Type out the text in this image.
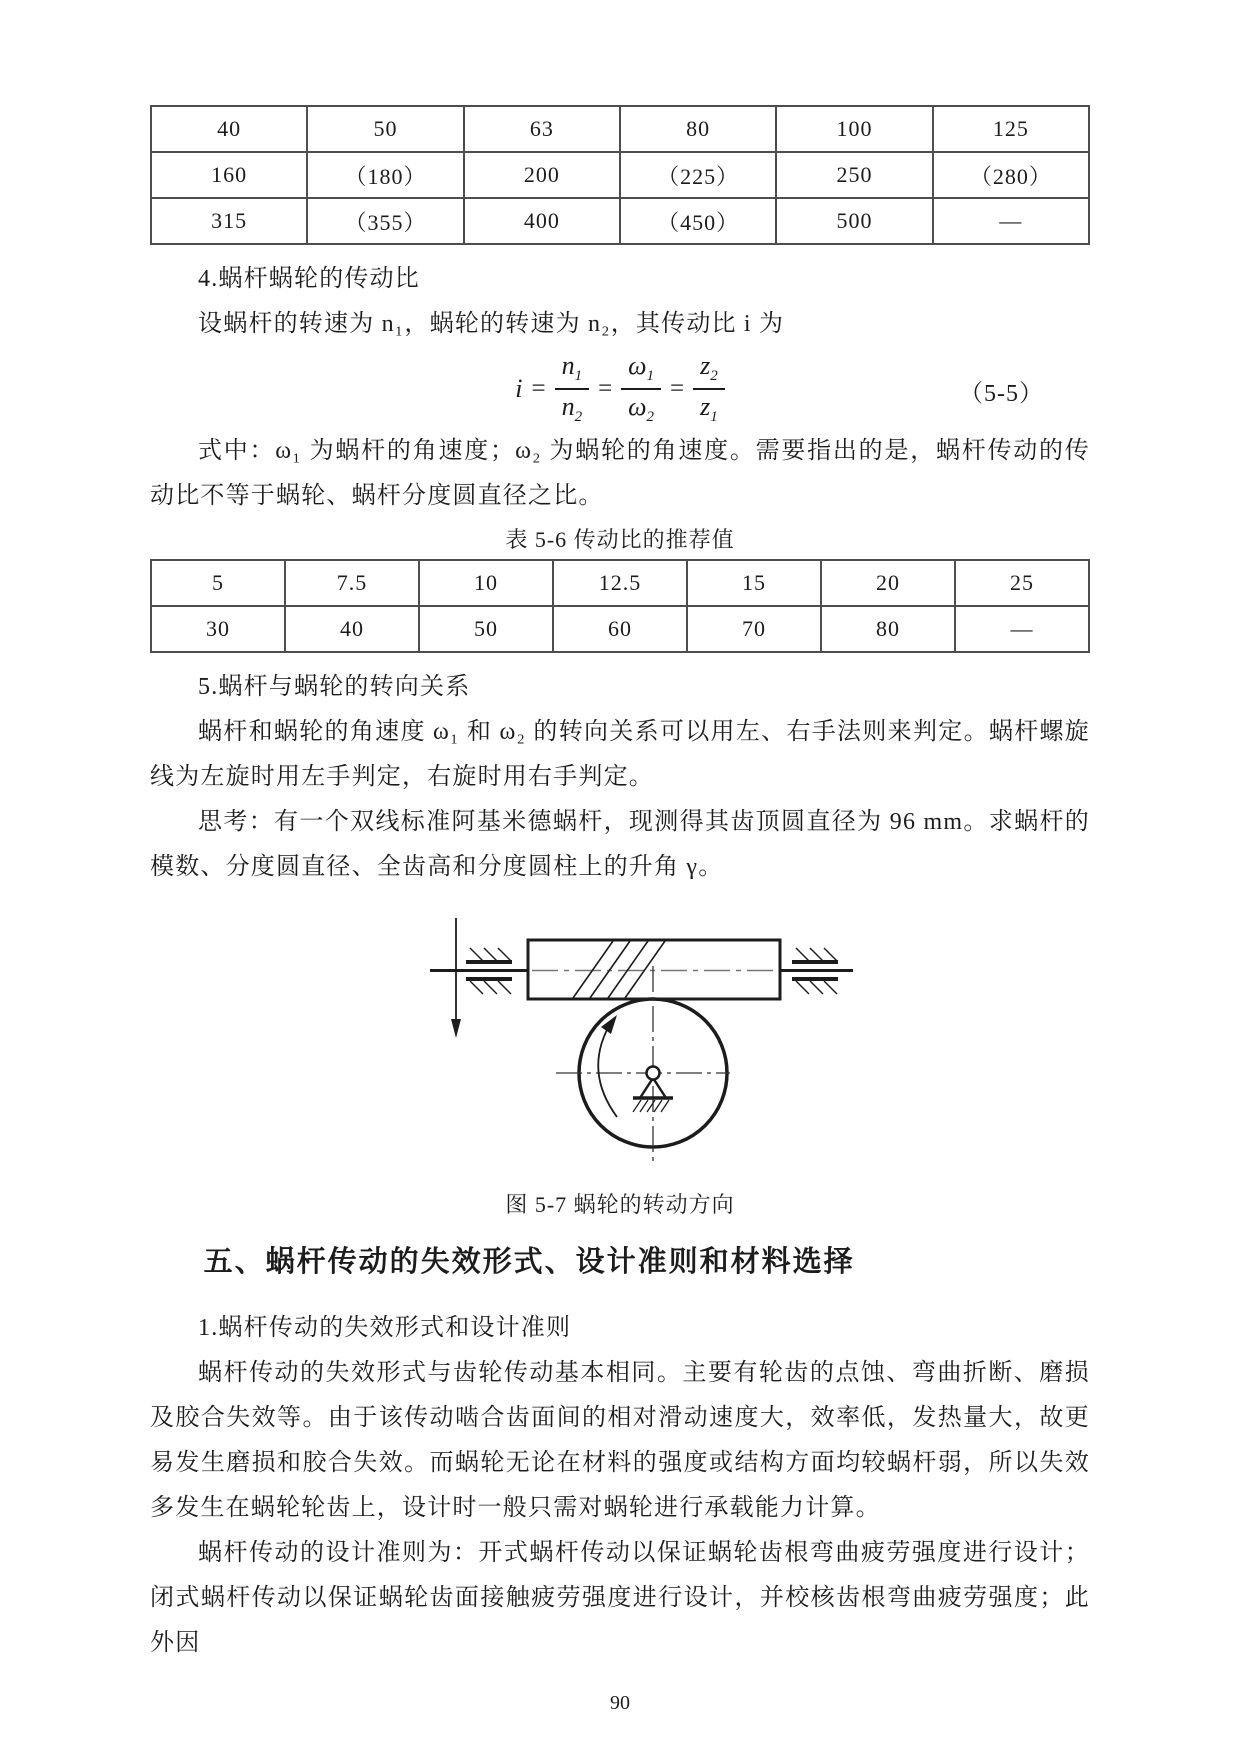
40	50	63	80	100	125
160	（180）	200	（225）	250	（280）
315	（355）	400	（450）	500	—

4.蜗杆蜗轮的传动比

设蜗杆的转速为 n₁，蜗轮的转速为 n₂，其传动比 i 为

$i = \frac{n_1}{n_2} = \frac{\omega_1}{\omega_2} = \frac{z_2}{z_1}$	（5-5）

式中：ω₁ 为蜗杆的角速度；ω₂ 为蜗轮的角速度。需要指出的是，蜗杆传动的传动比不等于蜗轮、蜗杆分度圆直径之比。

表 5-6 传动比的推荐值

5	7.5	10	12.5	15	20	25
30	40	50	60	70	80	—

5.蜗杆与蜗轮的转向关系

蜗杆和蜗轮的角速度 ω₁ 和 ω₂ 的转向关系可以用左、右手法则来判定。蜗杆螺旋线为左旋时用左手判定，右旋时用右手判定。

思考：有一个双线标准阿基米德蜗杆，现测得其齿顶圆直径为 96 mm。求蜗杆的模数、分度圆直径、全齿高和分度圆柱上的升角 γ。

图 5-7 蜗轮的转动方向
五、蜗杆传动的失效形式、设计准则和材料选择

1.蜗杆传动的失效形式和设计准则

蜗杆传动的失效形式与齿轮传动基本相同。主要有轮齿的点蚀、弯曲折断、磨损及胶合失效等。由于该传动啮合齿面间的相对滑动速度大，效率低，发热量大，故更易发生磨损和胶合失效。而蜗轮无论在材料的强度或结构方面均较蜗杆弱，所以失效多发生在蜗轮轮齿上，设计时一般只需对蜗轮进行承载能力计算。

蜗杆传动的设计准则为：开式蜗杆传动以保证蜗轮齿根弯曲疲劳强度进行设计；闭式蜗杆传动以保证蜗轮齿面接触疲劳强度进行设计，并校核齿根弯曲疲劳强度；此外因

90
